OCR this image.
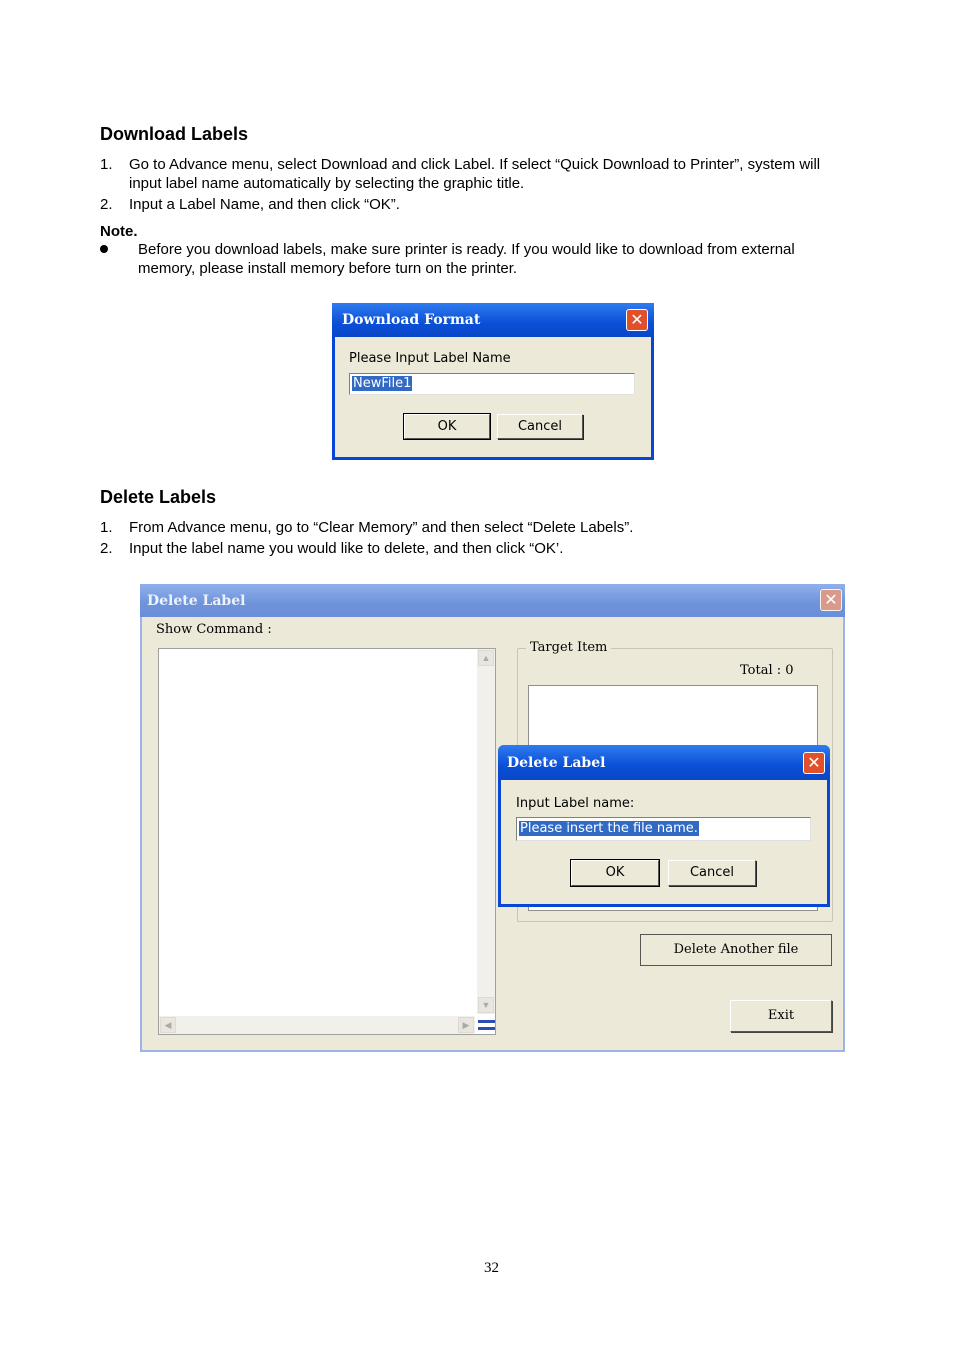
Download Labels
1. Go to Advance menu, select Download and click Label. If select “Quick Download to Printer”, system will
input label name automatically by selecting the graphic title.
2. Input a Label Name, and then click “OK”.
Note.
Before you download labels, make sure printer is ready. If you would like to download from external
memory, please install memory before turn on the printer.
Download Format	✕
Please Input Label Name
NewFile1
OK	Cancel
Delete Labels
1. From Advance menu, go to “Clear Memory” and then select “Delete Labels”.
2. Input the label name you would like to delete, and then click “OK’.
Delete Label	✕
Show Command :
▲
▼
◀	▶
Target Item
Total : 0
Delete Another file
Exit
Delete Label	✕
Input Label name:
Please insert the file name.
OK	Cancel
32
